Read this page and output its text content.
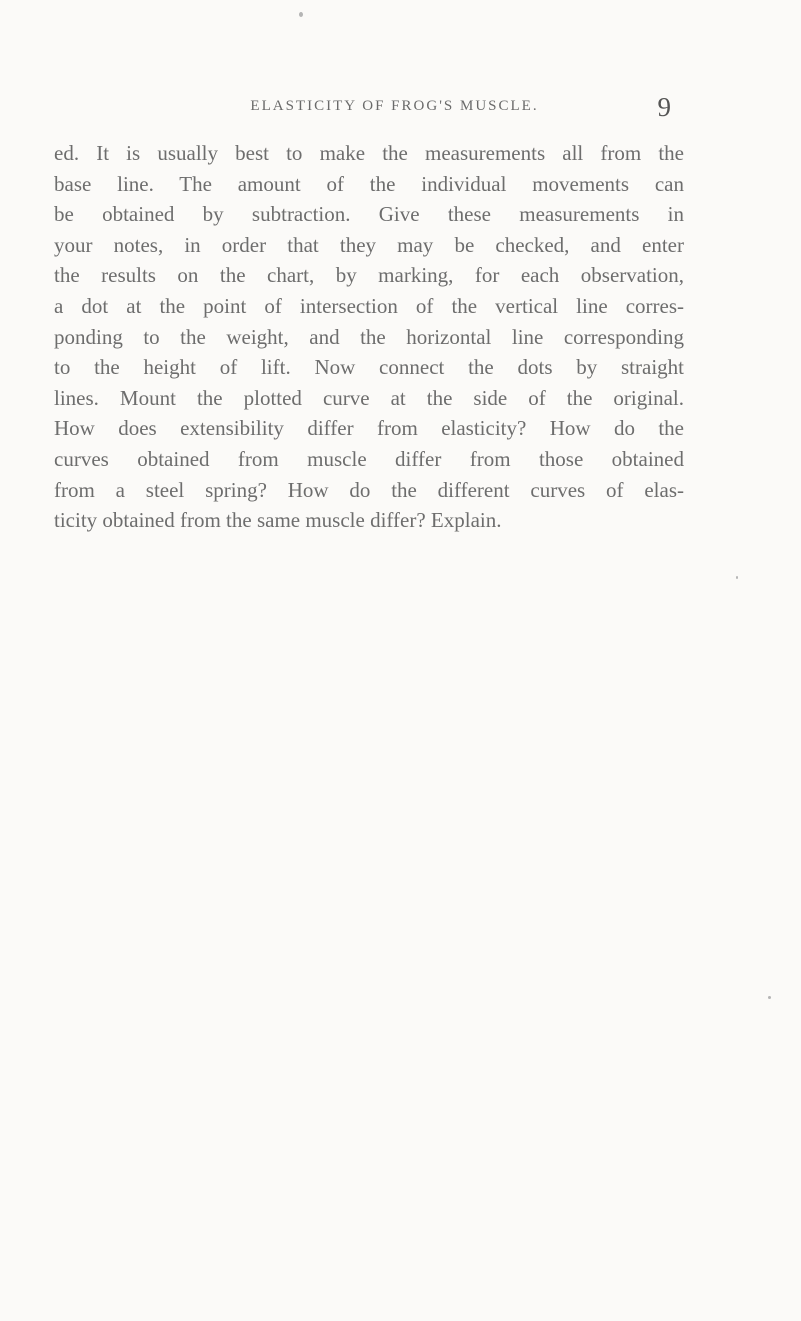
ELASTICITY OF FROG'S MUSCLE.	9
ed. It is usually best to make the measurements all from the
base line. The amount of the individual movements can
be obtained by subtraction. Give these measurements in
your notes, in order that they may be checked, and enter
the results on the chart, by marking, for each observation,
a dot at the point of intersection of the vertical line corres-
ponding to the weight, and the horizontal line corresponding
to the height of lift. Now connect the dots by straight
lines. Mount the plotted curve at the side of the original.
How does extensibility differ from elasticity? How do the
curves obtained from muscle differ from those obtained
from a steel spring? How do the different curves of elas-
ticity obtained from the same muscle differ? Explain.
